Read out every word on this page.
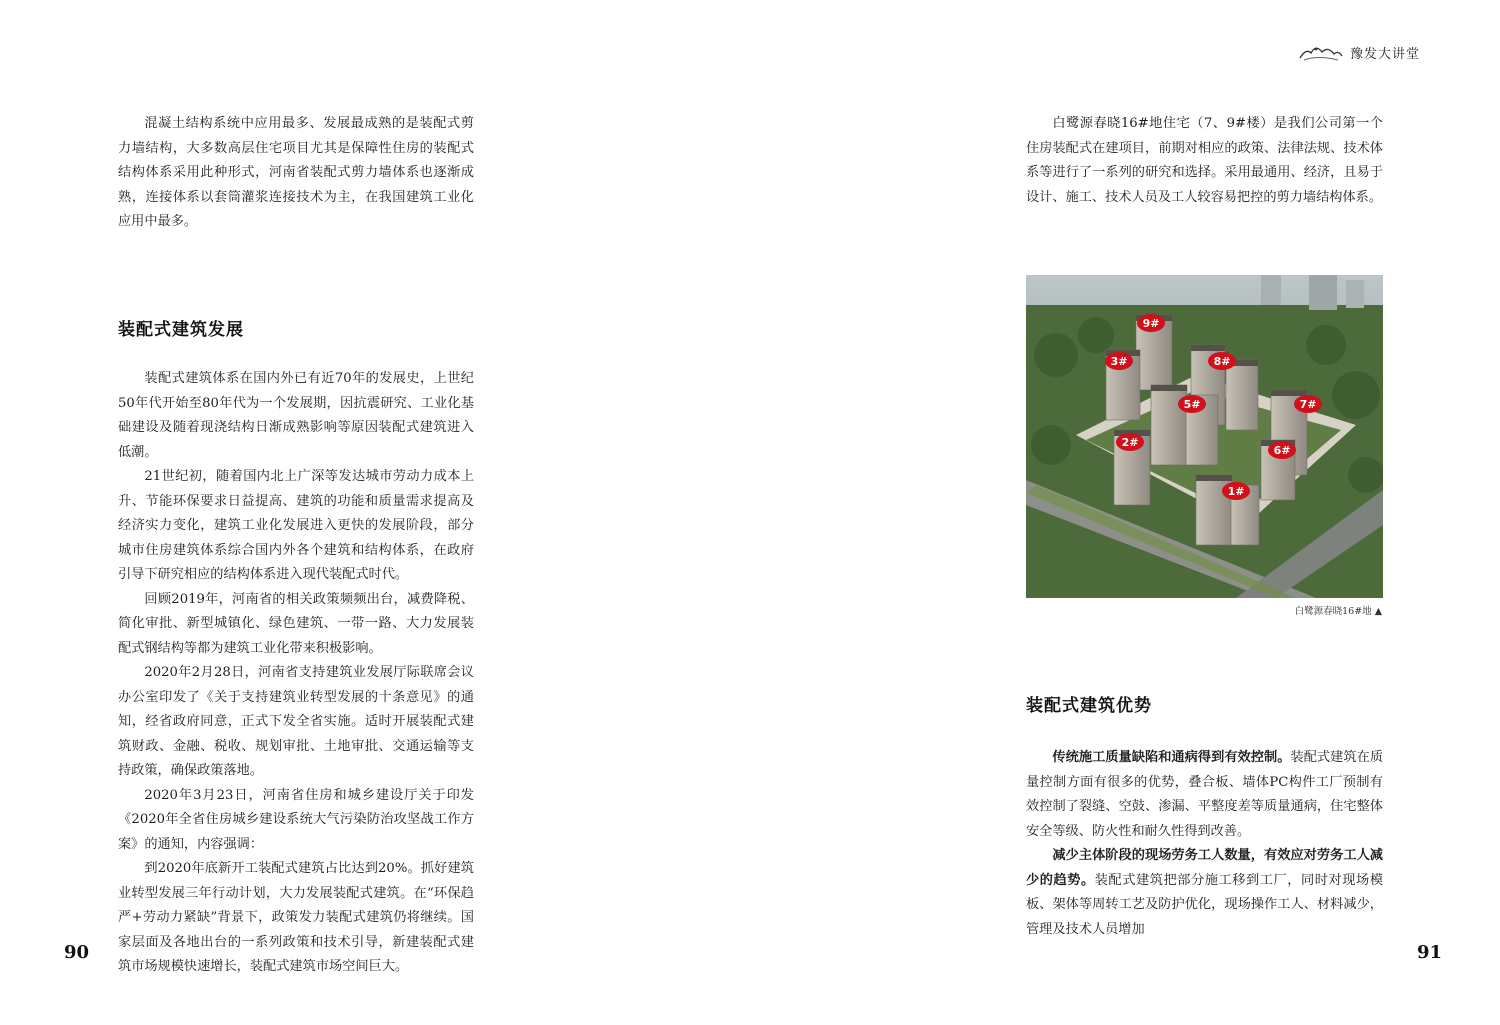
混凝土结构系统中应用最多、发展最成熟的是装配式剪力墙结构，大多数高层住宅项目尤其是保障性住房的装配式结构体系采用此种形式，河南省装配式剪力墙体系也逐渐成熟，连接体系以套筒灌浆连接技术为主，在我国建筑工业化应用中最多。

装配式建筑发展

装配式建筑体系在国内外已有近70年的发展史，上世纪50年代开始至80年代为一个发展期，因抗震研究、工业化基础建设及随着现浇结构日渐成熟影响等原因装配式建筑进入低潮。

21世纪初，随着国内北上广深等发达城市劳动力成本上升、节能环保要求日益提高、建筑的功能和质量需求提高及经济实力变化，建筑工业化发展进入更快的发展阶段，部分城市住房建筑体系综合国内外各个建筑和结构体系，在政府引导下研究相应的结构体系进入现代装配式时代。

回顾2019年，河南省的相关政策频频出台，减费降税、简化审批、新型城镇化、绿色建筑、一带一路、大力发展装配式钢结构等都为建筑工业化带来积极影响。

2020年2月28日，河南省支持建筑业发展厅际联席会议办公室印发了《关于支持建筑业转型发展的十条意见》的通知，经省政府同意，正式下发全省实施。适时开展装配式建筑财政、金融、税收、规划审批、土地审批、交通运输等支持政策，确保政策落地。

2020年3月23日，河南省住房和城乡建设厅关于印发《2020年全省住房城乡建设系统大气污染防治攻坚战工作方案》的通知，内容强调：

到2020年底新开工装配式建筑占比达到20%。抓好建筑业转型发展三年行动计划，大力发展装配式建筑。在“环保趋严+劳动力紧缺”背景下，政策发力装配式建筑仍将继续。国家层面及各地出台的一系列政策和技术引导，新建装配式建筑市场规模快速增长，装配式建筑市场空间巨大。

90
豫发大讲堂

白鹭源春晓16#地住宅（7、9#楼）是我们公司第一个住房装配式在建项目，前期对相应的政策、法律法规、技术体系等进行了一系列的研究和选择。采用最通用、经济，且易于设计、施工、技术人员及工人较容易把控的剪力墙结构体系。

9#
3#	8#
5#	7#
2#
6#
1#
白鹭源春晓16#地 ▲
装配式建筑优势

传统施工质量缺陷和通病得到有效控制。装配式建筑在质量控制方面有很多的优势，叠合板、墙体PC构件工厂预制有效控制了裂缝、空鼓、渗漏、平整度差等质量通病，住宅整体安全等级、防火性和耐久性得到改善。

减少主体阶段的现场劳务工人数量，有效应对劳务工人减少的趋势。装配式建筑把部分施工移到工厂，同时对现场模板、架体等周转工艺及防护优化，现场操作工人、材料减少，管理及技术人员增加

91
